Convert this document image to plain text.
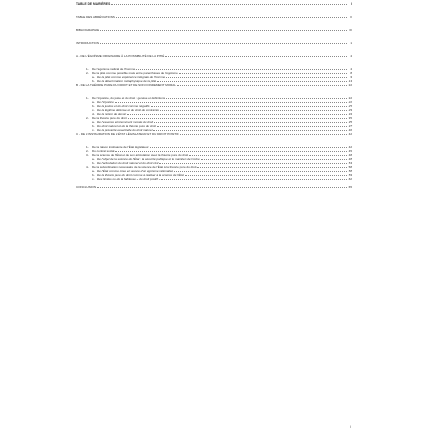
TABLE DE MARIÈRES	I
TABLE DES ABRÉVIATIONS	II
BIBLIOGRAPHIE	III
INTRODUCTION	1
A - DE L'ÉGOÏSME ORIGINAIRE À LA POSSIBILITÉ DE LA PITIÉ	4
1-	De l'égoïsme radical de l'homme	4
2-	De la pitié comme possible mais entre parenthèses de l'égoïsme	8
a- De la pitié comme expérience intégrale de l'homme	9
b- De la détermination métaphysique de la pitié	13
B - DE LA THÉORIE PURE DU DROIT ET DE SON FONDEMENT MORAL	22
1-	De l'injustice, du juste et du droit : genèse et définitions	22
a- De l'injustice	22
b- De la justice et du droit comme négatifs	25
c- De la légitime défense et du droit de contrainte	29
d- De la notion de devoir	34
2-	De la théorie pure du droit	35
a- De l'essence éminemment morale du droit	35
b- Du droit naturel et de la théorie pure du droit	37
c- De la précarité essentielle du droit naturel	40
C - DE L'INSTAURATION DE L'ÉTAT LÉGISLATEUR ET DU DROIT POSITIF	42
1-	De la raison instituante de l'État législateur	42
2-	Du contrat social	45
3-	De la science de l'État et de son articulation avec la théorie pure du droit	48
a- De l'objet de la science de l'État : la sécurité publique et le maintien de l'ordre	48
b- De l'articulation du droit naturel et du droit civil	53
4-	De la subordination nécessaire de la science de l'État à la théorie pure du droit	58
a- De l'État comme mise en œuvre d'un égoïsme rationalisé	58
b- De la théorie pure du droit comme à réaliser à la science de l'État	59
c- Des limites ou de la faiblesse « du droit positif »	62
CONCLUSION	65
I
